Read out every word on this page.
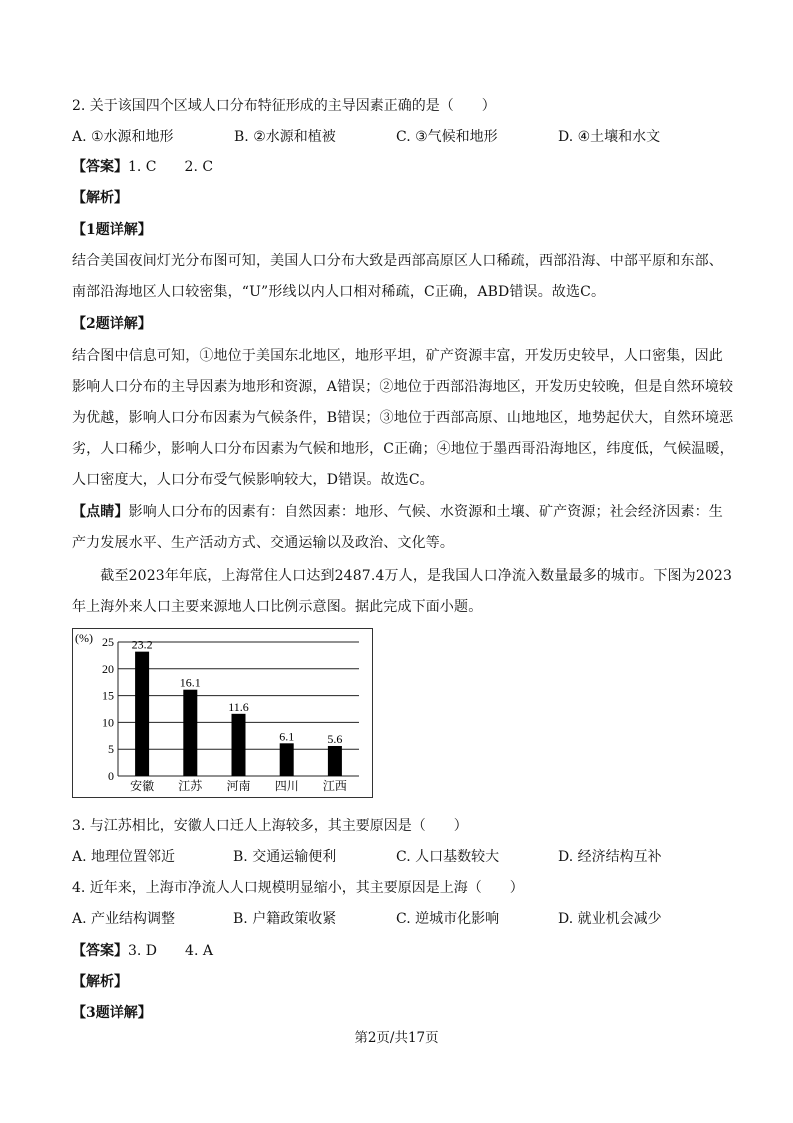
2. 关于该国四个区域人口分布特征形成的主导因素正确的是（　　）
A. ①水源和地形	B. ②水源和植被	C. ③气候和地形	D. ④土壤和水文
【答案】1. C 2. C
【解析】
【1题详解】
结合美国夜间灯光分布图可知，美国人口分布大致是西部高原区人口稀疏，西部沿海、中部平原和东部、
南部沿海地区人口较密集，“U”形线以内人口相对稀疏，C正确，ABD错误。故选C。
【2题详解】
结合图中信息可知，①地位于美国东北地区，地形平坦，矿产资源丰富，开发历史较早，人口密集，因此
影响人口分布的主导因素为地形和资源，A错误；②地位于西部沿海地区，开发历史较晚，但是自然环境较
为优越，影响人口分布因素为气候条件，B错误；③地位于西部高原、山地地区，地势起伏大，自然环境恶
劣，人口稀少，影响人口分布因素为气候和地形，C正确；④地位于墨西哥沿海地区，纬度低，气候温暖，
人口密度大，人口分布受气候影响较大，D错误。故选C。
【点睛】影响人口分布的因素有：自然因素：地形、气候、水资源和土壤、矿产资源；社会经济因素：生
产力发展水平、生产活动方式、交通运输以及政治、文化等。
　　截至2023年年底，上海常住人口达到2487.4万人，是我国人口净流入数量最多的城市。下图为2023
年上海外来人口主要来源地人口比例示意图。据此完成下面小题。
0
5
10
15
20
25 23.2
安徽
16.1
江苏
11.6
河南
6.1
四川
5.6
江西
(%)
3. 与江苏相比，安徽人口迁人上海较多，其主要原因是（　　）
A. 地理位置邻近	B. 交通运输便利	C. 人口基数较大	D. 经济结构互补
4. 近年来，上海市净流人人口规模明显缩小，其主要原因是上海（　　）
A. 产业结构调整	B. 户籍政策收紧	C. 逆城市化影响	D. 就业机会减少
【答案】3. D 4. A
【解析】
【3题详解】
第2页/共17页
